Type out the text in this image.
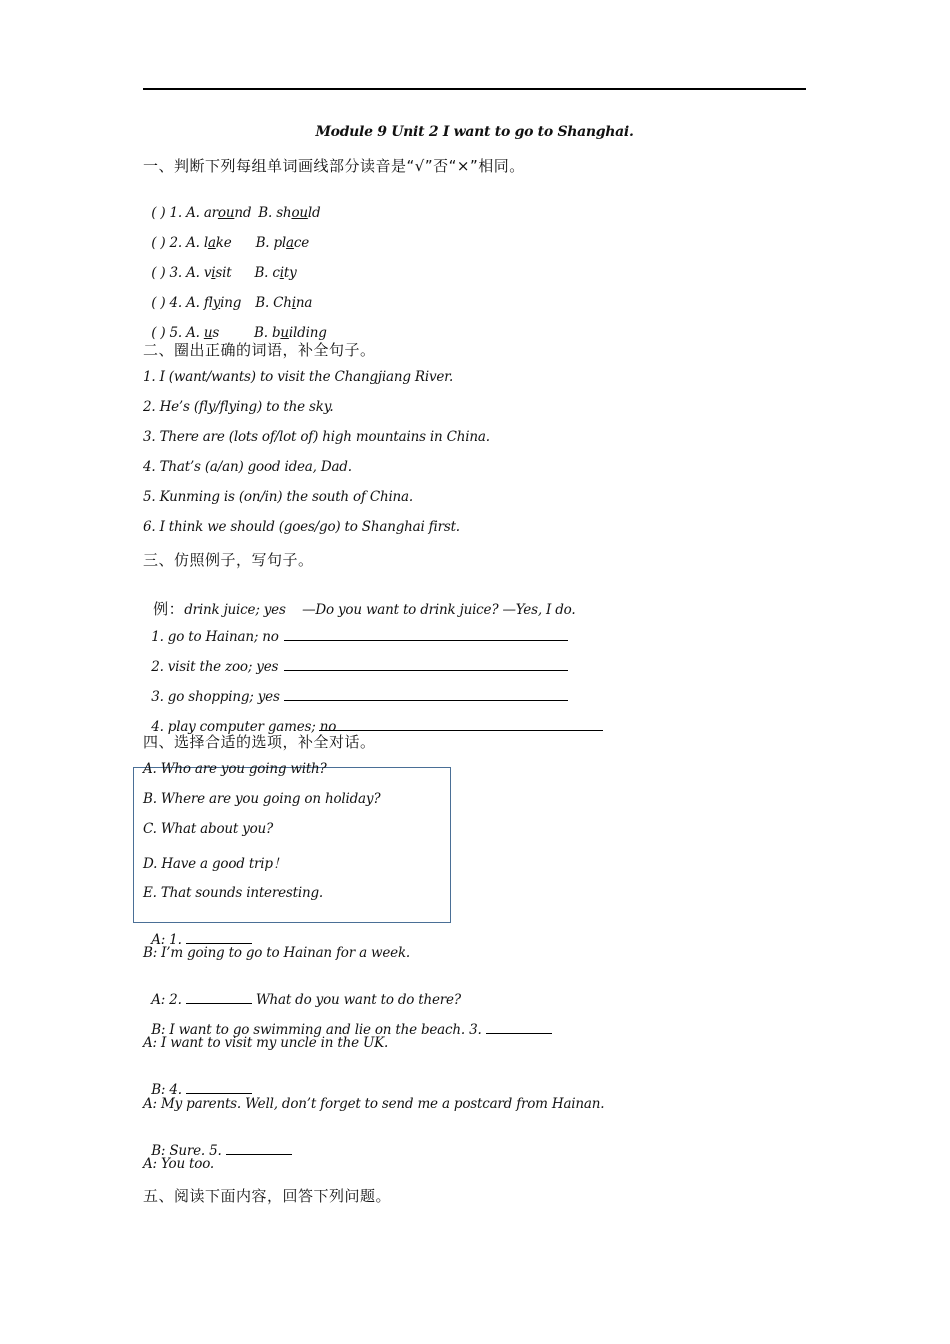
Module 9 Unit 2 I want to go to Shanghai.
一、判断下列每组单词画线部分读音是“√”否“×”相同。

( ) 1. A. around B. should

( ) 2. A. lake B. place

( ) 3. A. visit B. city

( ) 4. A. flying B. China

( ) 5. A. us	B. building

二、圈出正确的词语，补全句子。
1. I (want/wants) to visit the Changjiang River.
2. He’s (fly/flying) to the sky.
3. There are (lots of/lot of) high mountains in China.
4. That’s (a/an) good idea, Dad.
5. Kunming is (on/in) the south of China.
6. I think we should (goes/go) to Shanghai first.
三、仿照例子，写句子。

例：drink juice; yes    —Do you want to drink juice? —Yes, I do.

1. go to Hainan; no

2. visit the zoo; yes

3. go shopping; yes

4. play computer games; no

四、选择合适的选项，补全对话。
A. Who are you going with?
B. Where are you going on holiday?
C. What about you?
D. Have a good trip！
E. That sounds interesting.

A: 1.

B: I’m going to go to Hainan for a week.

A: 2.	What do you want to do there?

B: I want to go swimming and lie on the beach. 3.

A: I want to visit my uncle in the UK.

B: 4.

A: My parents. Well, don’t forget to send me a postcard from Hainan.

B: Sure. 5.

A: You too.
五、阅读下面内容，回答下列问题。
